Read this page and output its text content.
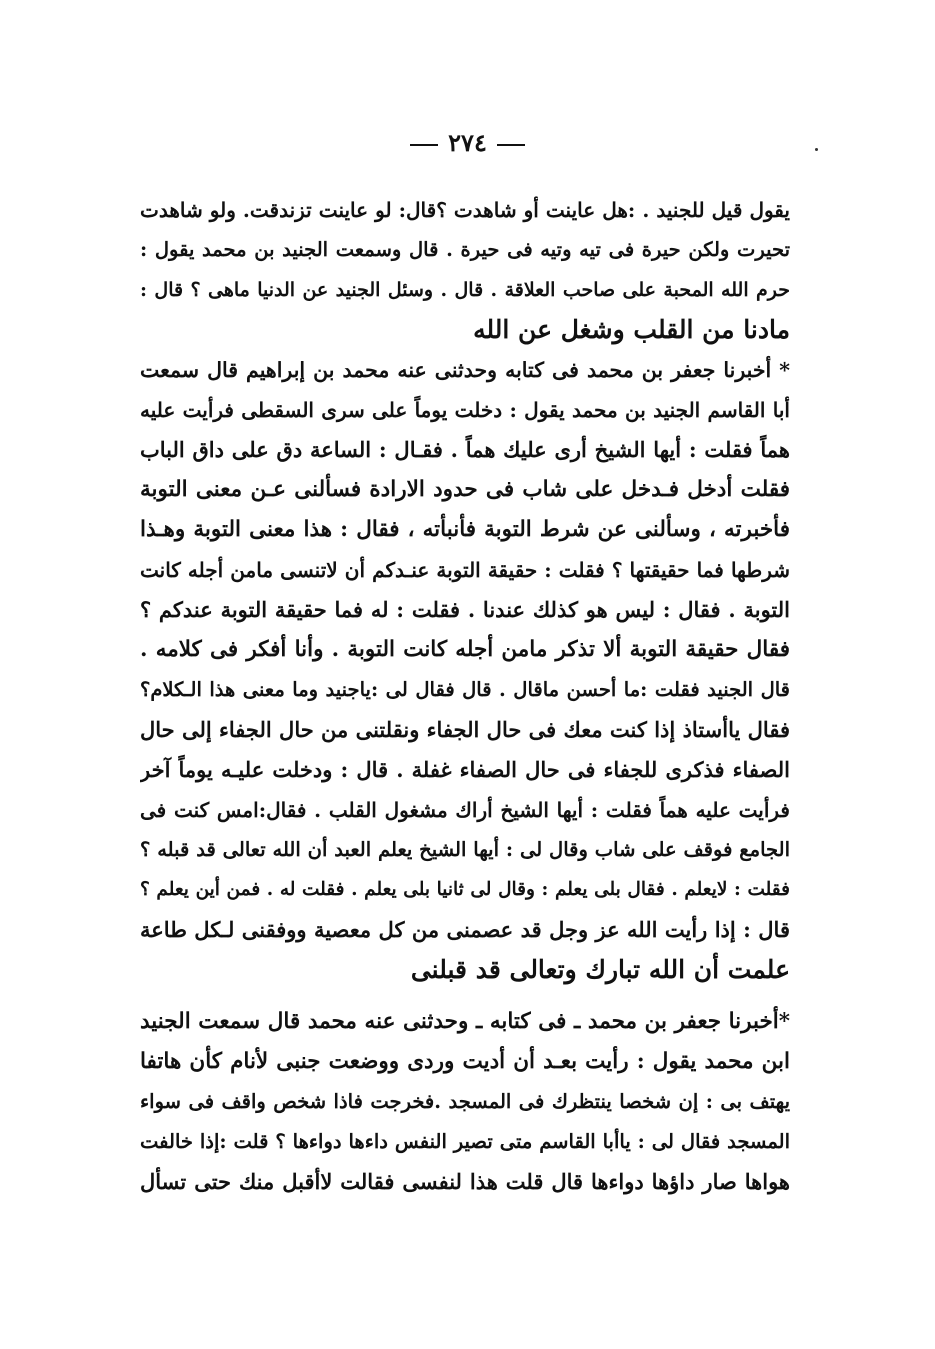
٢٧٤
يقول قيل للجنيد . :هل عاينت أو شاهدت ؟قال: لو عاينت تزندقت. ولو شاهدت
تحيرت ولكن حيرة فى تيه وتيه فى حيرة . قال وسمعت الجنيد بن محمد يقول :
حرم الله المحبة على صاحب العلاقة . قال . وسئل الجنيد عن الدنيا ماهى ؟ قال :
مادنا من القلب وشغل عن الله
* أخبرنا جعفر بن محمد فى كتابه وحدثنى عنه محمد بن إبراهيم قال سمعت
أبا القاسم الجنيد بن محمد يقول : دخلت يوماً على سرى السقطى فرأيت عليه
هماً فقلت : أيها الشيخ أرى عليك هماً . فقـال : الساعة دق على داق الباب
فقلت أدخل فـدخل على شاب فى حدود الارادة فسألنى عـن معنى التوبة
فأخبرته ، وسألنى عن شرط التوبة فأنبأته ، فقال : هذا معنى التوبة وهـذا
شرطها فما حقيقتها ؟ فقلت : حقيقة التوبة عنـدكم أن لاتنسى مامن أجله كانت
التوبة . فقال : ليس هو كذلك عندنا . فقلت : له فما حقيقة التوبة عندكم ؟
فقال حقيقة التوبة ألا تذكر مامن أجله كانت التوبة . وأنا أفكر فى كلامه .
قال الجنيد فقلت :ما أحسن ماقال . قال فقال لى :ياجنيد وما معنى هذا الـكلام؟
فقال ياأستاذ إذا كنت معك فى حال الجفاء ونقلتنى من حال الجفاء إلى حال
الصفاء فذكرى للجفاء فى حال الصفاء غفلة . قال : ودخلت عليـه يوماً آخر
فرأيت عليه هماً فقلت : أيها الشيخ أراك مشغول القلب . فقال:امس كنت فى
الجامع فوقف على شاب وقال لى : أيها الشيخ يعلم العبد أن الله تعالى قد قبله ؟
فقلت : لايعلم . فقال بلى يعلم : وقال لى ثانيا بلى يعلم . فقلت له . فمن أين يعلم ؟
قال : إذا رأيت الله عز وجل قد عصمنى من كل معصية ووفقنى لـكل طاعة
علمت أن الله تبارك وتعالى قد قبلنى
*أخبرنا جعفر بن محمد ـ فى كتابه ـ وحدثنى عنه محمد قال سمعت الجنيد
ابن محمد يقول : رأيت بعـد أن أديت وردى ووضعت جنبى لأنام كأن هاتفا
يهتف بى : إن شخصا ينتظرك فى المسجد .فخرجت فاذا شخص واقف فى سواء
المسجد فقال لى : ياأبا القاسم متى تصير النفس داءها دواءها ؟ قلت :إذا خالفت
هواها صار داؤها دواءها قال قلت هذا لنفسى فقالت لاأقبل منك حتى تسأل
